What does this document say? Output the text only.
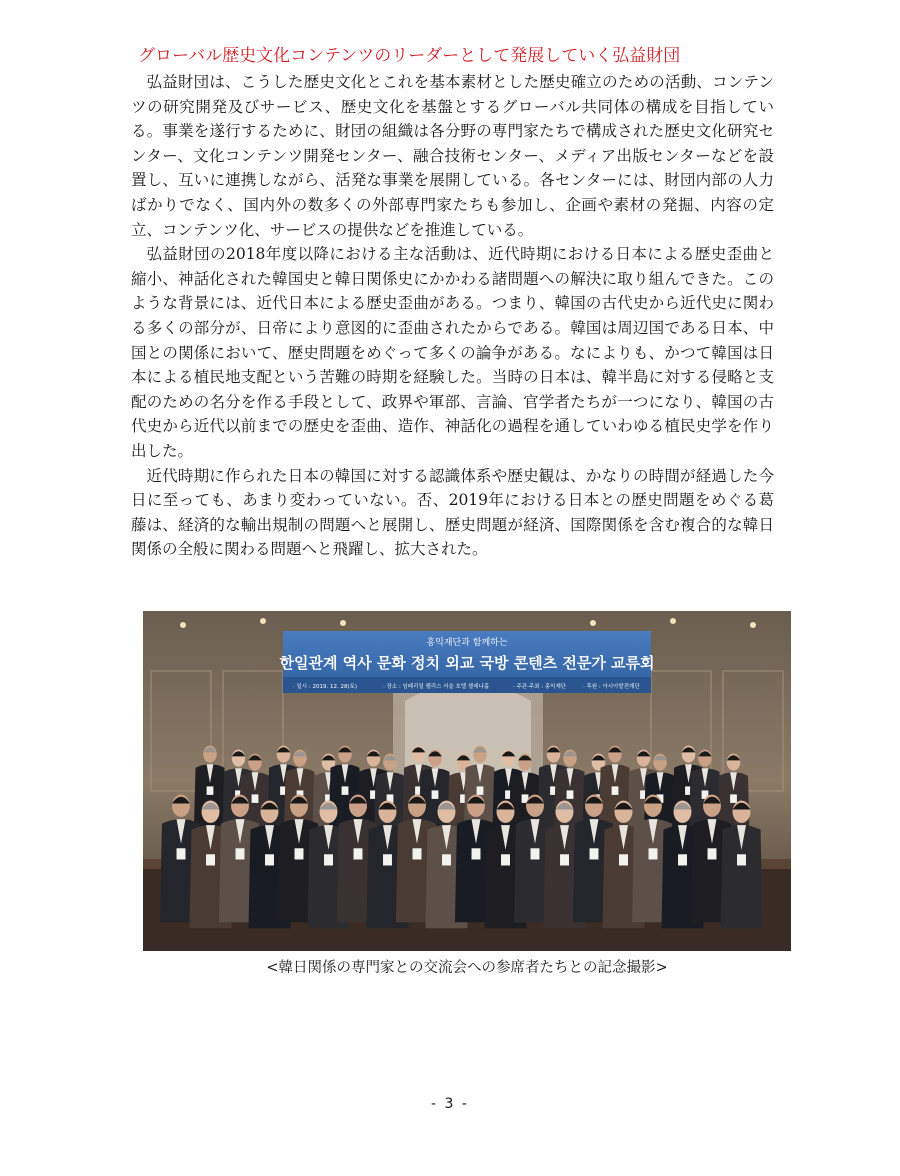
グローバル歴史文化コンテンツのリーダーとして発展していく弘益財団

弘益財団は、こうした歴史文化とこれを基本素材とした歴史確立のための活動、コンテンツの研究開発及びサービス、歴史文化を基盤とするグローバル共同体の構成を目指している。事業を遂行するために、財団の組織は各分野の専門家たちで構成された歴史文化研究センター、文化コンテンツ開発センター、融合技術センター、メディア出版センターなどを設置し、互いに連携しながら、活発な事業を展開している。各センターには、財団内部の人力ばかりでなく、国内外の数多くの外部専門家たちも参加し、企画や素材の発掘、内容の定立、コンテンツ化、サービスの提供などを推進している。

弘益財団の2018年度以降における主な活動は、近代時期における日本による歴史歪曲と縮小、神話化された韓国史と韓日関係史にかかわる諸問題への解決に取り組んできた。このような背景には、近代日本による歴史歪曲がある。つまり、韓国の古代史から近代史に関わる多くの部分が、日帝により意図的に歪曲されたからである。韓国は周辺国である日本、中国との関係において、歴史問題をめぐって多くの論争がある。なによりも、かつて韓国は日本による植民地支配という苦難の時期を経験した。当時の日本は、韓半島に対する侵略と支配のための名分を作る手段として、政界や軍部、言論、官学者たちが一つになり、韓国の古代史から近代以前までの歴史を歪曲、造作、神話化の過程を通していわゆる植民史学を作り出した。

近代時期に作られた日本の韓国に対する認識体系や歴史観は、かなりの時間が経過した今日に至っても、あまり変わっていない。否、2019年における日本との歴史問題をめぐる葛藤は、経済的な輸出規制の問題へと展開し、歴史問題が経済、国際関係を含む複合的な韓日関係の全般に関わる問題へと飛躍し、拡大された。

홍익재단과 함께하는
한일관계 역사 문화 정치 외교 국방 콘텐츠 전문가 교류회
· 일시 : 2019. 12. 28(토)	· 장소 : 임페리얼 팰리스 서울 호텔 셀레나홀	· 주관·주최 : 홍익재단	· 후원 : 아시아발전재단
<韓日関係の専門家との交流会への参席者たちとの記念撮影>
- 3 -
